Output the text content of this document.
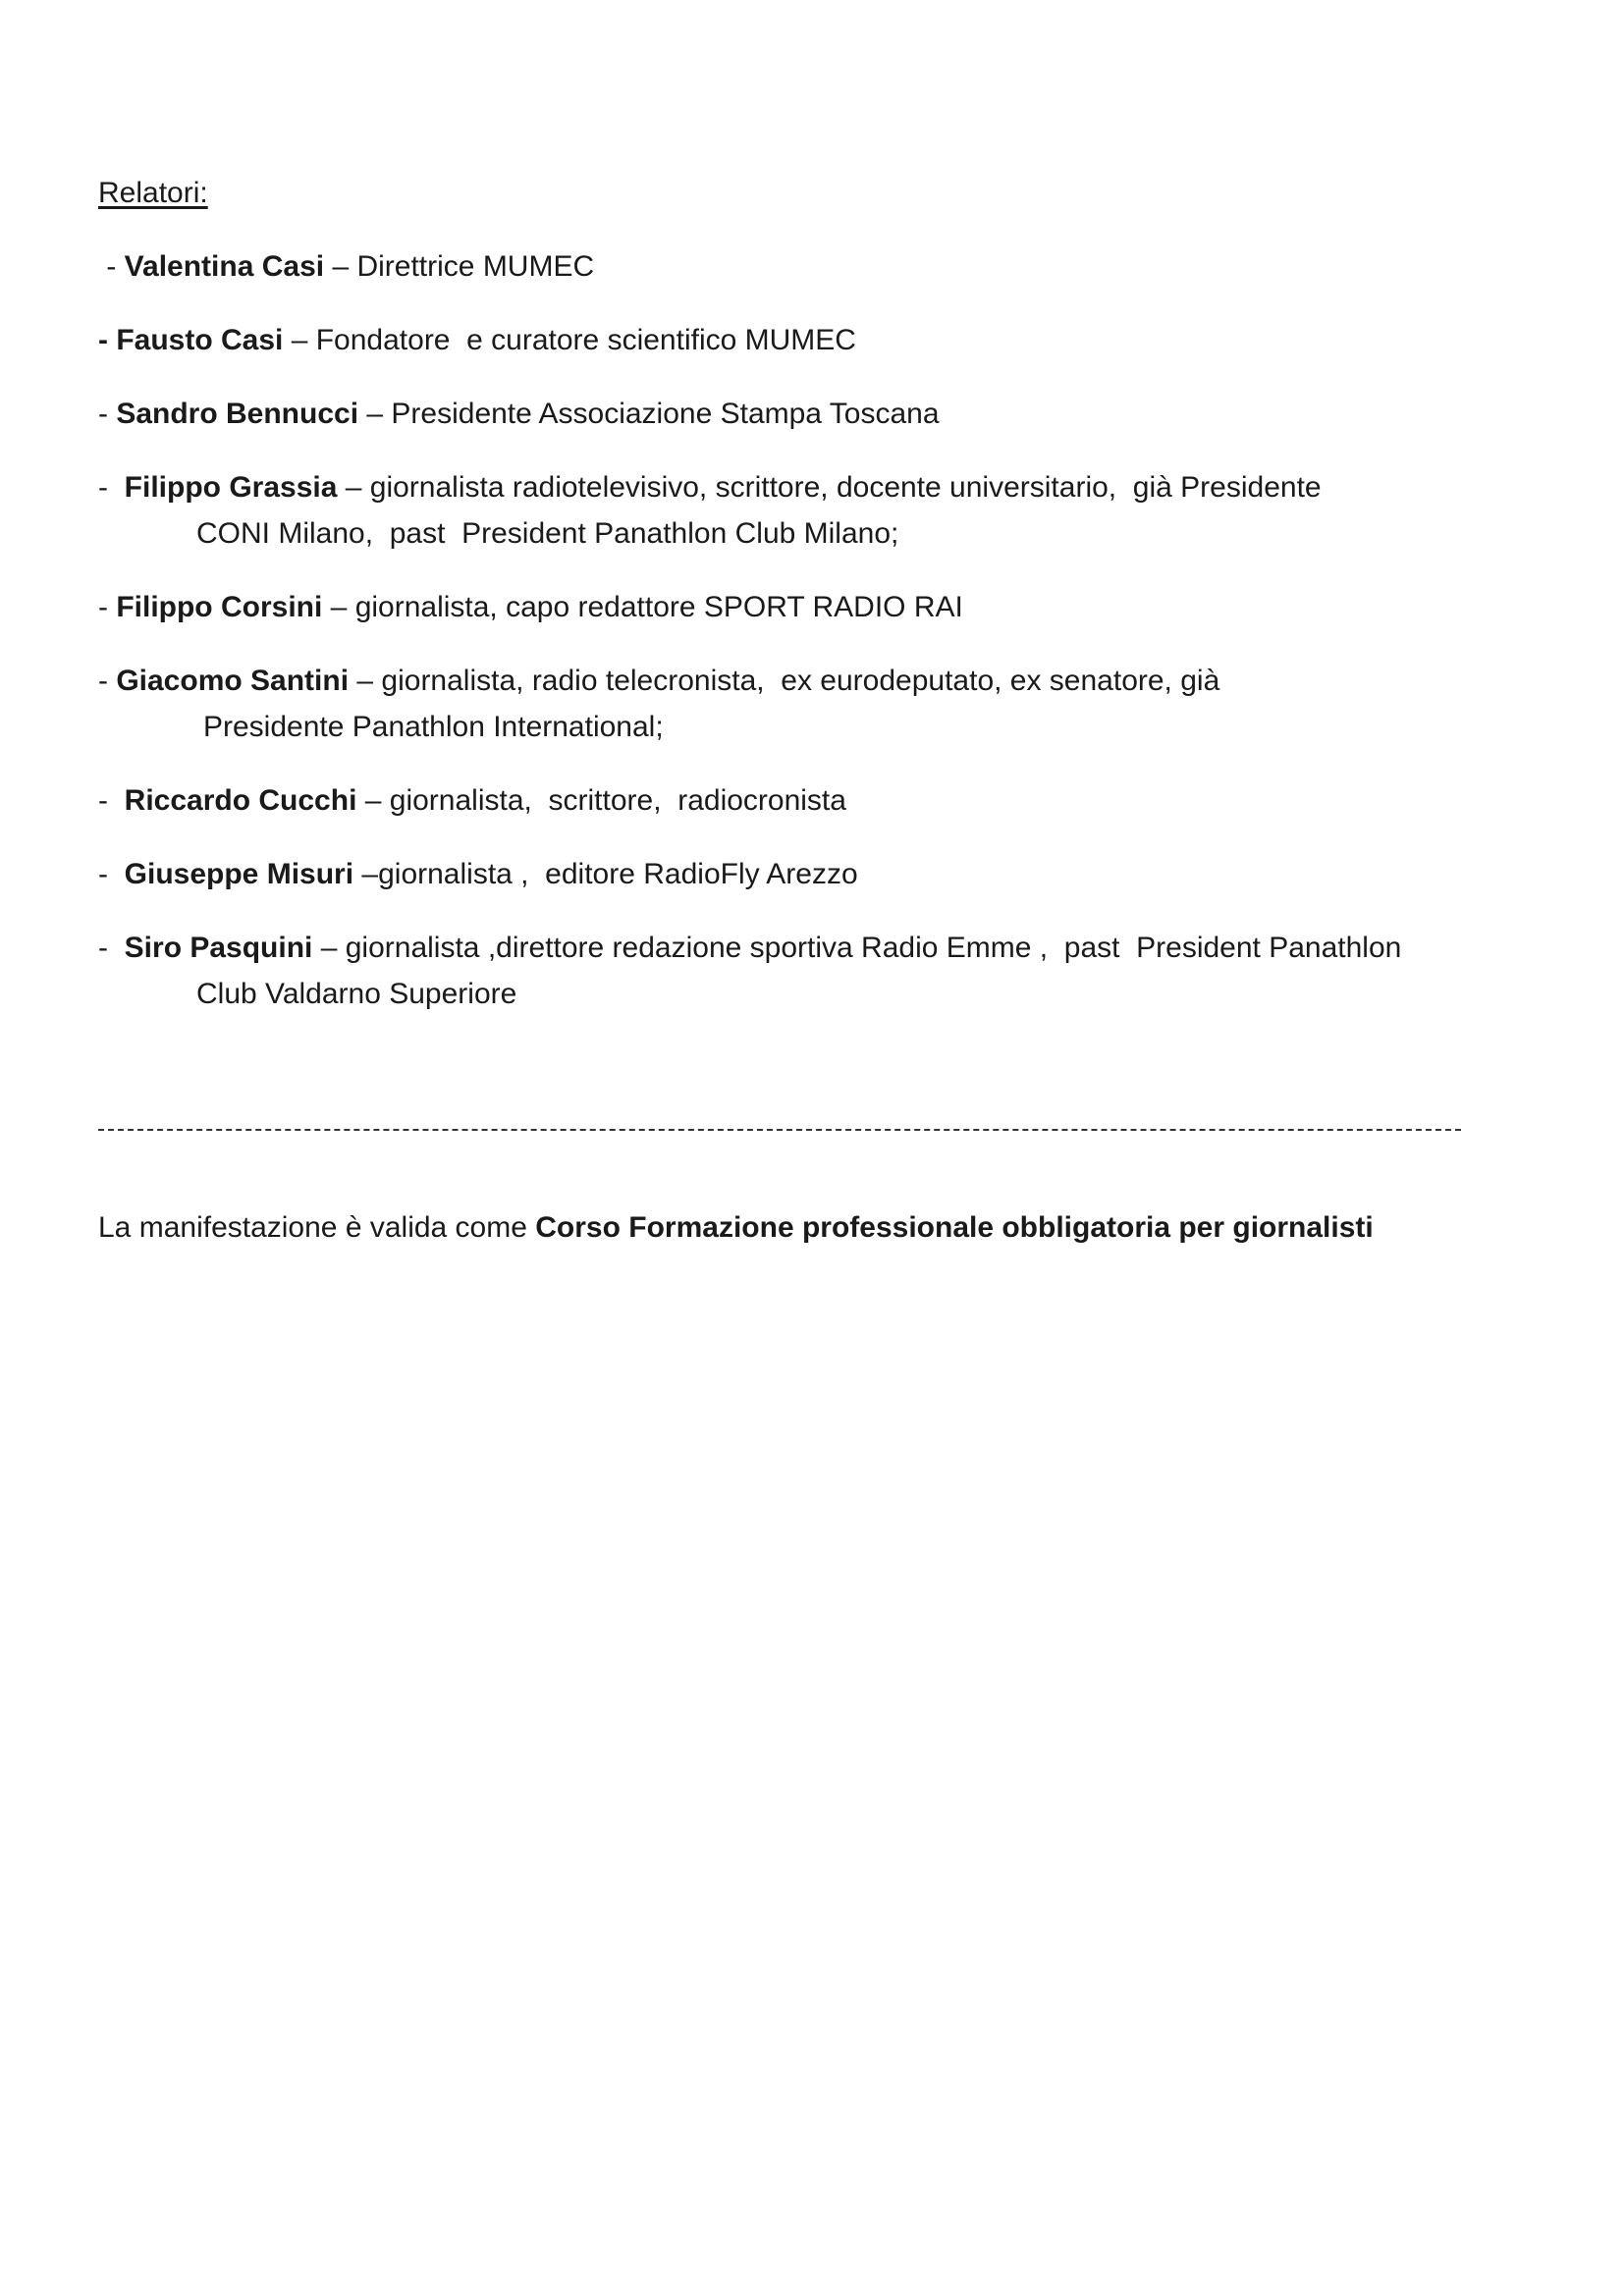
Relatori:
- Valentina Casi – Direttrice MUMEC
- Fausto Casi – Fondatore  e curatore scientifico MUMEC
- Sandro Bennucci – Presidente Associazione Stampa Toscana
-  Filippo Grassia – giornalista radiotelevisivo, scrittore, docente universitario,  già Presidente
CONI Milano,  past  President Panathlon Club Milano;
- Filippo Corsini – giornalista, capo redattore SPORT RADIO RAI
- Giacomo Santini – giornalista, radio telecronista,  ex eurodeputato, ex senatore, già
Presidente Panathlon International;
-  Riccardo Cucchi – giornalista,  scrittore,  radiocronista
-  Giuseppe Misuri –giornalista ,  editore RadioFly Arezzo
-  Siro Pasquini – giornalista ,direttore redazione sportiva Radio Emme ,  past  President Panathlon
Club Valdarno Superiore
La manifestazione è valida come Corso Formazione professionale obbligatoria per giornalisti
